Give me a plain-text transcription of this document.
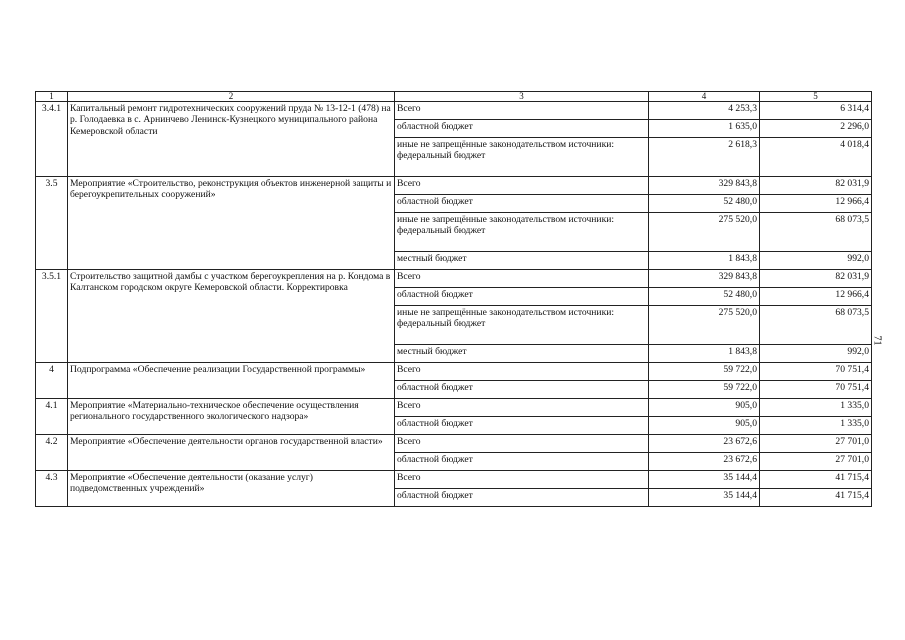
1	2	3	4	5
3.4.1	Капитальный ремонт гидротехнических сооружений пруда № 13-12-1 (478) на р. Голодаевка в с. Арнинчево Ленинск-Кузнецкого муниципального района Кемеровской области	Всего	4 253,3	6 314,4

		областной бюджет	1 635,0	2 296,0

		иные не запрещённые законодательством источники:
федеральный бюджет	2 618,3	4 018,4
3.5	Мероприятие «Строительство, реконструкция объектов инженерной защиты и берегоукрепительных сооружений»	Всего	329 843,8	82 031,9

		областной бюджет	52 480,0	12 966,4

		иные не запрещённые законодательством источники:
федеральный бюджет	275 520,0	68 073,5

		местный бюджет	1 843,8	992,0
3.5.1	Строительство защитной дамбы с участком берегоукрепления на р. Кондома в Калтанском городском округе Кемеровской области. Корректировка	Всего	329 843,8	82 031,9

		областной бюджет	52 480,0	12 966,4

		иные не запрещённые законодательством источники:
федеральный бюджет	275 520,0	68 073,5

		местный бюджет	1 843,8	992,0
4	Подпрограмма «Обеспечение реализации Государственной программы»	Всего	59 722,0	70 751,4

		областной бюджет	59 722,0	70 751,4
4.1	Мероприятие «Материально-техническое обеспечение осуществления регионального государственного экологического надзора»	Всего	905,0	1 335,0

		областной бюджет	905,0	1 335,0
4.2	Мероприятие «Обеспечение деятельности органов государственной власти»	Всего	23 672,6	27 701,0

		областной бюджет	23 672,6	27 701,0
4.3	Мероприятие «Обеспечение деятельности (оказание услуг) подведомственных учреждений»	Всего	35 144,4	41 715,4

		областной бюджет	35 144,4	41 715,4
71
